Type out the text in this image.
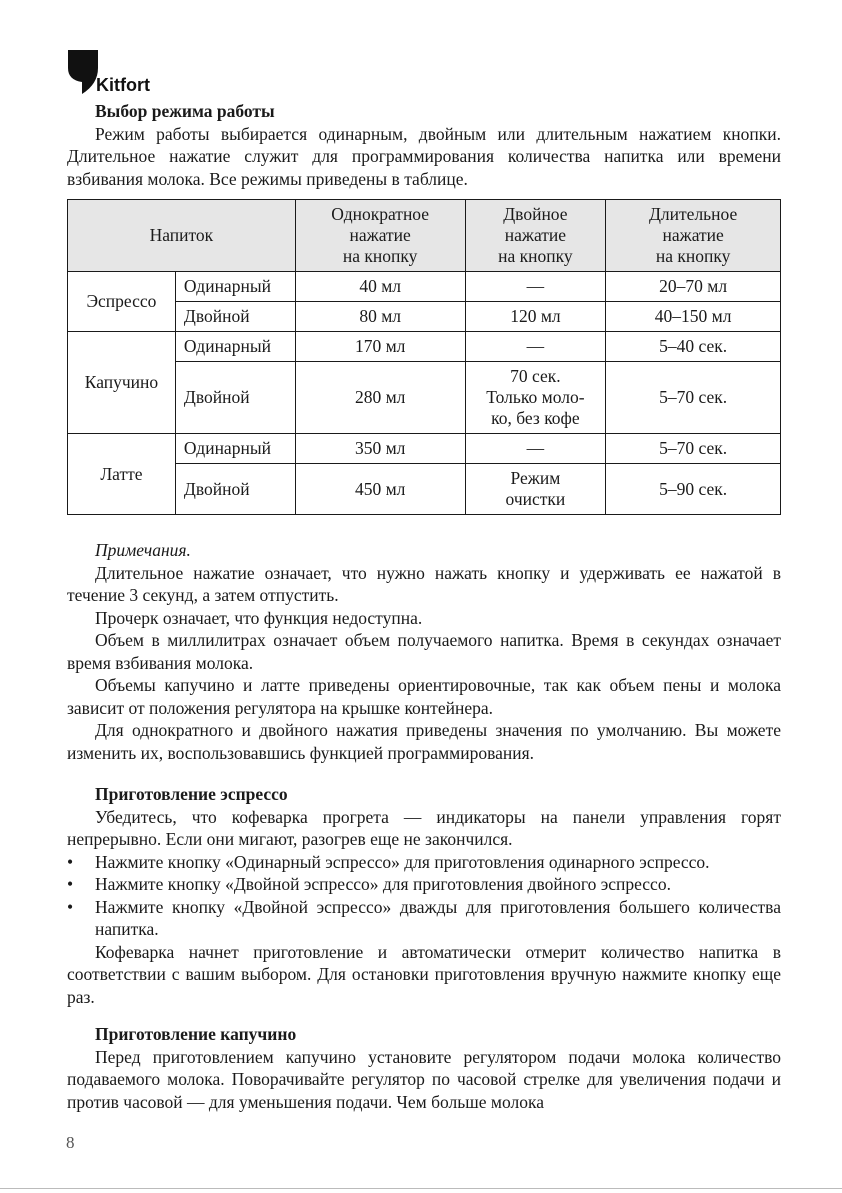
Kitfort

Выбор режима работы

Режим работы выбирается одинарным, двойным или длительным нажатием кнопки. Длительное нажатие служит для программирования количества напитка или времени взбивания молока. Все режимы приведены в таблице.

Напиток		Однократное
нажатие
на кнопку	Двойное
нажатие
на кнопку	Длительное
нажатие
на кнопку
Эспрессо	Одинарный	40 мл	—	20–70 мл
	Двойной	80 мл	120 мл	40–150 мл
Капучино	Одинарный	170 мл	—	5–40 сек.
	Двойной	280 мл	70 сек.
Только моло-
ко, без кофе	5–70 сек.
Латте	Одинарный	350 мл	—	5–70 сек.
	Двойной	450 мл	Режим
очистки	5–90 сек.

Примечания.

Длительное нажатие означает, что нужно нажать кнопку и удерживать ее нажатой в течение 3 секунд, а затем отпустить.

Прочерк означает, что функция недоступна.

Объем в миллилитрах означает объем получаемого напитка. Время в секундах означает время взбивания молока.

Объемы капучино и латте приведены ориентировочные, так как объем пены и молока зависит от положения регулятора на крышке контейнера.

Для однократного и двойного нажатия приведены значения по умолчанию. Вы можете изменить их, воспользовавшись функцией программирования.

Приготовление эспрессо

Убедитесь, что кофеварка прогрета — индикаторы на панели управления горят непрерывно. Если они мигают, разогрев еще не закончился.

• Нажмите кнопку «Одинарный эспрессо» для приготовления одинарного эспрессо.
• Нажмите кнопку «Двойной эспрессо» для приготовления двойного эспрессо.
• Нажмите кнопку «Двойной эспрессо» дважды для приготовления большего количества напитка.

Кофеварка начнет приготовление и автоматически отмерит количество напитка в соответствии с вашим выбором. Для остановки приготовления вручную нажмите кнопку еще раз.

Приготовление капучино

Перед приготовлением капучино установите регулятором подачи молока количество подаваемого молока. Поворачивайте регулятор по часовой стрелке для увеличения подачи и против часовой — для уменьшения подачи. Чем больше молока

8
